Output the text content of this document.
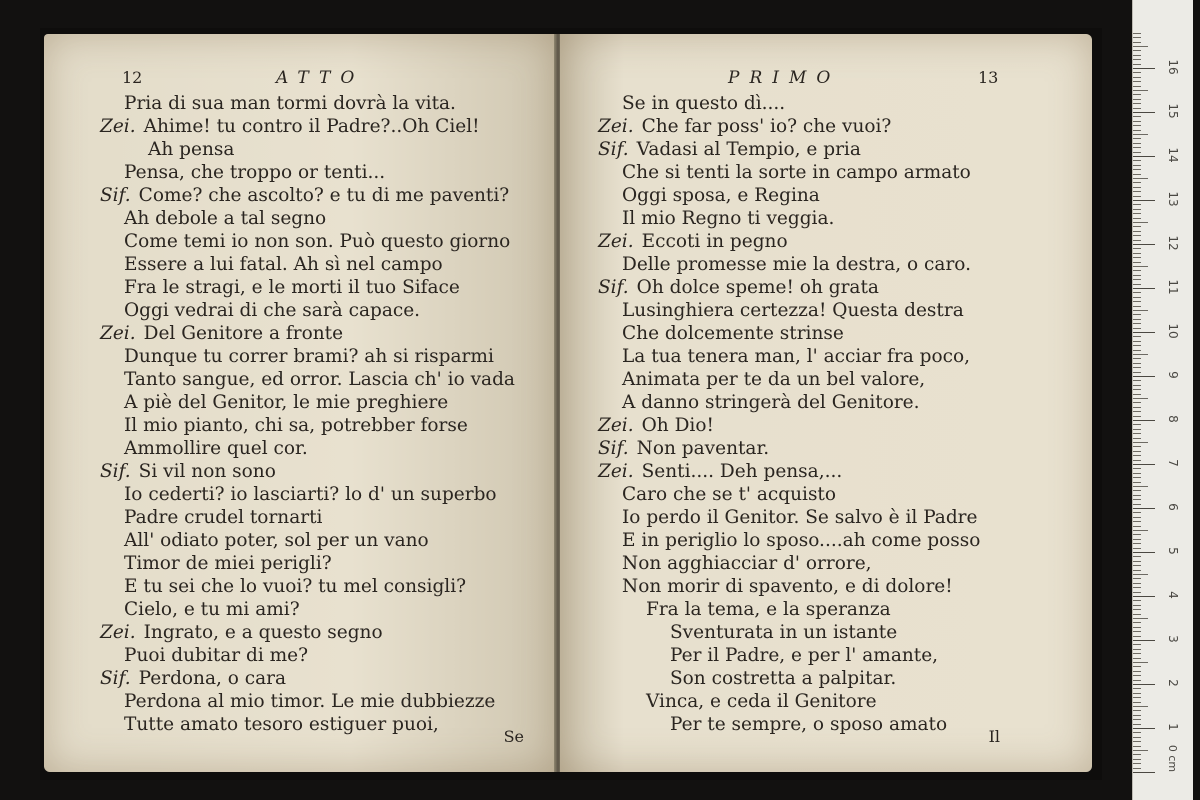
12	ATTO
Pria di sua man tormi dovrà la vita.
Zei. Ahime! tu contro il Padre?..Oh Ciel!
Ah pensa
Pensa, che troppo or tenti...
Sif. Come? che ascolto? e tu di me paventi?
Ah debole a tal segno
Come temi io non son. Può questo giorno
Essere a lui fatal. Ah sì nel campo
Fra le stragi, e le morti il tuo Siface
Oggi vedrai di che sarà capace.
Zei. Del Genitore a fronte
Dunque tu correr brami? ah si risparmi
Tanto sangue, ed orror. Lascia ch' io vada
A piè del Genitor, le mie preghiere
Il mio pianto, chi sa, potrebber forse
Ammollire quel cor.
Sif. Si vil non sono
Io cederti? io lasciarti? lo d' un superbo
Padre crudel tornarti
All' odiato poter, sol per un vano
Timor de miei perigli?
E tu sei che lo vuoi? tu mel consigli?
Cielo, e tu mi ami?
Zei. Ingrato, e a questo segno
Puoi dubitar di me?
Sif. Perdona, o cara
Perdona al mio timor. Le mie dubbiezze
Tutte amato tesoro estiguer puoi,
Se
PRIMO	13
Se in questo dì....
Zei. Che far poss' io? che vuoi?
Sif. Vadasi al Tempio, e pria
Che si tenti la sorte in campo armato
Oggi sposa, e Regina
Il mio Regno ti veggia.
Zei. Eccoti in pegno
Delle promesse mie la destra, o caro.
Sif. Oh dolce speme! oh grata
Lusinghiera certezza! Questa destra
Che dolcemente strinse
La tua tenera man, l' acciar fra poco,
Animata per te da un bel valore,
A danno stringerà del Genitore.
Zei. Oh Dio!
Sif. Non paventar.
Zei. Senti.... Deh pensa,...
Caro che se t' acquisto
Io perdo il Genitor. Se salvo è il Padre
E in periglio lo sposo....ah come posso
Non agghiacciar d' orrore,
Non morir di spavento, e di dolore!
Fra la tema, e la speranza
Sventurata in un istante
Per il Padre, e per l' amante,
Son costretta a palpitar.
Vinca, e ceda il Genitore
Per te sempre, o sposo amato
Il
0 cm
1
2
3
4
5
6
7
8
9
10
11
12
13
14
15
16
